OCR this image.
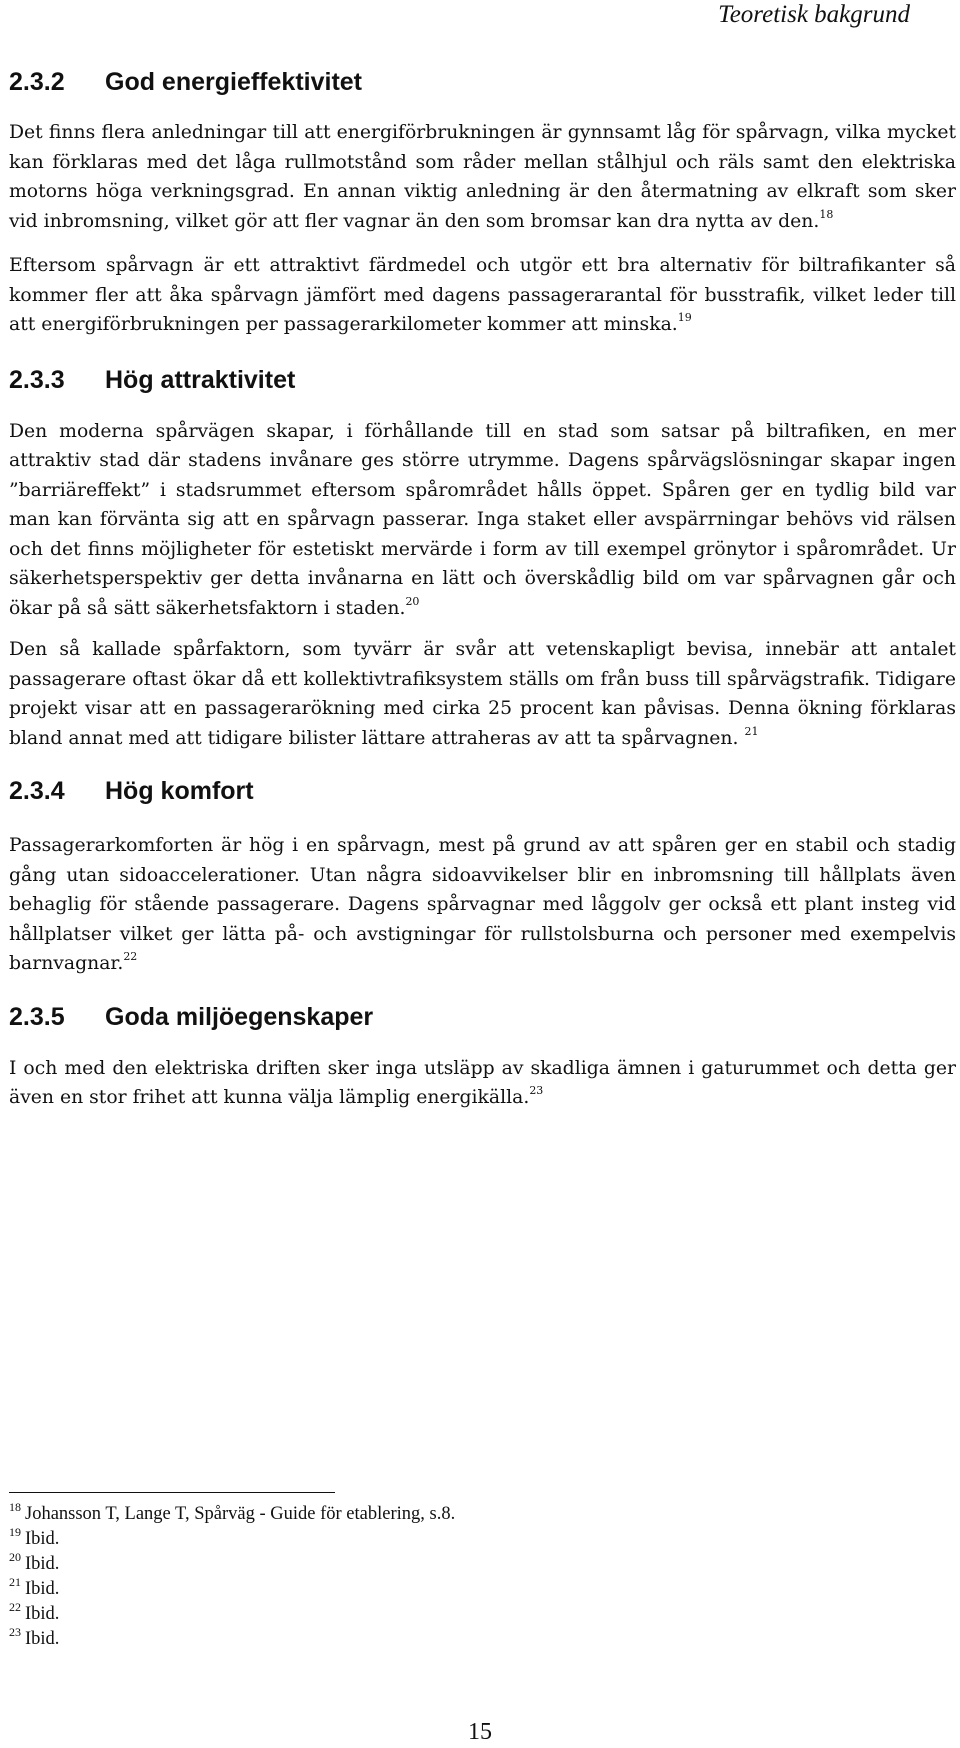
Teoretisk bakgrund
2.3.2	God energieffektivitet

Det finns flera anledningar till att energiförbrukningen är gynnsamt låg för spårvagn, vilka mycket kan förklaras med det låga rullmotstånd som råder mellan stålhjul och räls samt den elektriska motorns höga verkningsgrad. En annan viktig anledning är den återmatning av elkraft som sker vid inbromsning, vilket gör att fler vagnar än den som bromsar kan dra nytta av den.$^{18}$

Eftersom spårvagn är ett attraktivt färdmedel och utgör ett bra alternativ för biltrafikanter så kommer fler att åka spårvagn jämfört med dagens passagerarantal för busstrafik, vilket leder till att energiförbrukningen per passagerarkilometer kommer att minska.$^{19}$

2.3.3	Hög attraktivitet

Den moderna spårvägen skapar, i förhållande till en stad som satsar på biltrafiken, en mer attraktiv stad där stadens invånare ges större utrymme. Dagens spårvägslösningar skapar ingen ”barriäreffekt” i stadsrummet eftersom spårområdet hålls öppet. Spåren ger en tydlig bild var man kan förvänta sig att en spårvagn passerar. Inga staket eller avspärrningar behövs vid rälsen och det finns möjligheter för estetiskt mervärde i form av till exempel grönytor i spårområdet. Ur säkerhetsperspektiv ger detta invånarna en lätt och överskådlig bild om var spårvagnen går och ökar på så sätt säkerhetsfaktorn i staden.$^{20}$

Den så kallade spårfaktorn, som tyvärr är svår att vetenskapligt bevisa, innebär att antalet passagerare oftast ökar då ett kollektivtrafiksystem ställs om från buss till spårvägstrafik. Tidigare projekt visar att en passagerarökning med cirka 25 procent kan påvisas. Denna ökning förklaras bland annat med att tidigare bilister lättare attraheras av att ta spårvagnen. $^{21}$

2.3.4	Hög komfort

Passagerarkomforten är hög i en spårvagn, mest på grund av att spåren ger en stabil och stadig gång utan sidoaccelerationer. Utan några sidoavvikelser blir en inbromsning till hållplats även behaglig för stående passagerare. Dagens spårvagnar med låggolv ger också ett plant insteg vid hållplatser vilket ger lätta på- och avstigningar för rullstolsburna och personer med exempelvis barnvagnar.$^{22}$

2.3.5	Goda miljöegenskaper

I och med den elektriska driften sker inga utsläpp av skadliga ämnen i gaturummet och detta ger även en stor frihet att kunna välja lämplig energikälla.$^{23}$

$^{18}$ Johansson T, Lange T, Spårväg - Guide för etablering, s.8.
$^{19}$ Ibid.
$^{20}$ Ibid.
$^{21}$ Ibid.
$^{22}$ Ibid.
$^{23}$ Ibid.
15
